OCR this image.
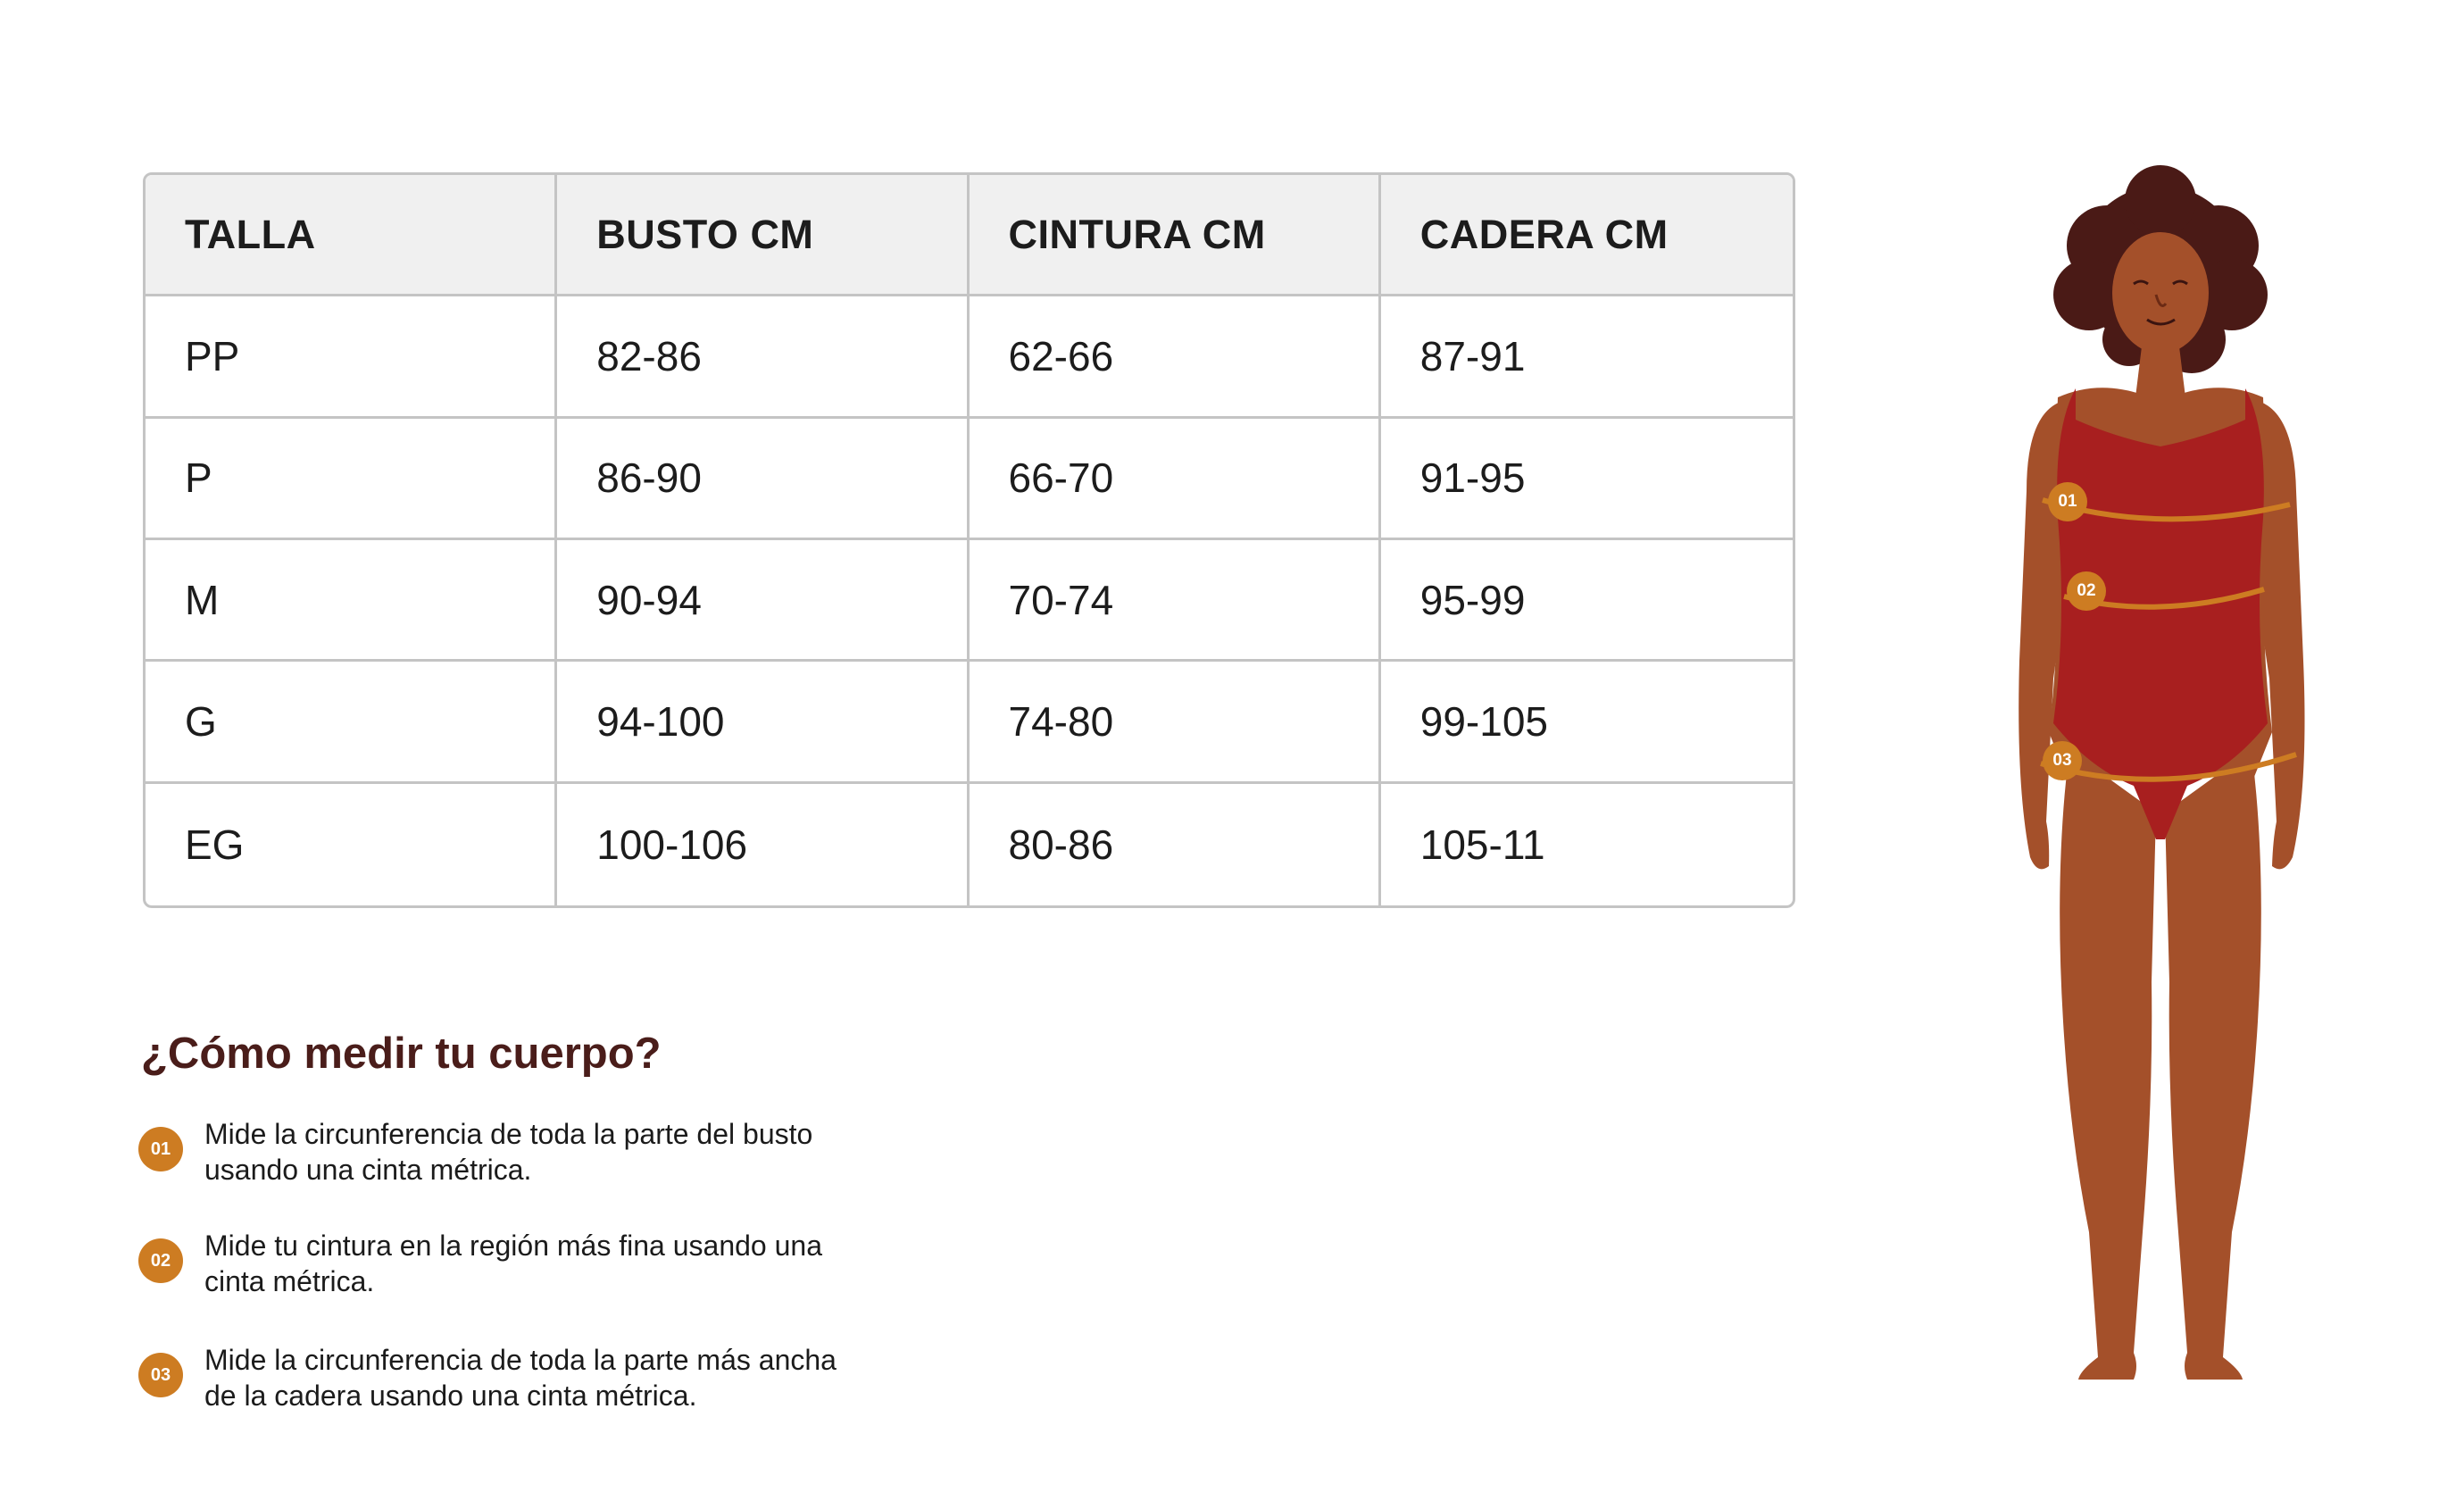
TALLA	BUSTO CM	CINTURA CM	CADERA CM
PP	82-86	62-66	87-91
P	86-90	66-70	91-95
M	90-94	70-74	95-99
G	94-100	74-80	99-105
EG	100-106	80-86	105-11
¿Cómo medir tu cuerpo?
01	Mide la circunferencia de toda la parte del busto usando una cinta métrica.
02	Mide tu cintura en la región más fina usando una cinta métrica.
03	Mide la circunferencia de toda la parte más ancha de la cadera usando una cinta métrica.
01
02
03
